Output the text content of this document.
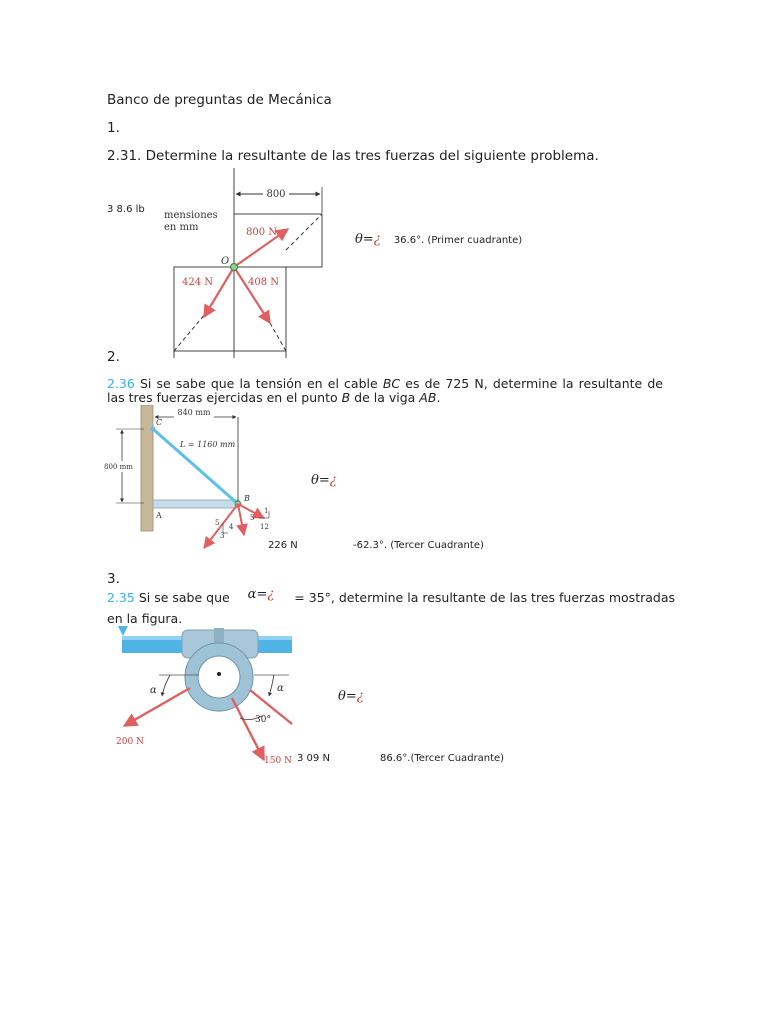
Banco de preguntas de Mecánica
1.
2.31. Determine la resultante de las tres fuerzas del siguiente problema.
3 8.6 lb
800
mensiones
en mm	800 N
O
424 N	408 N
θ=¿ 36.6°. (Primer cuadrante)
2.
2.36 Si se sabe que la tensión en el cable BC es de 725 N, determine la resultante de las tres fuerzas ejercidas en el punto B de la viga AB.
840 mm
800 mm
C
L = 1160 mm
B
A
5 4
3
5
1
12
θ=¿
226 N	-62.3°. (Tercer Cuadrante)
3.
2.35 Si se sabe que α=¿ = 35°, determine la resultante de las tres fuerzas mostradas
en la figura.
α	α
30°
200 N
150 N
θ=¿
3 09 N	86.6°.(Tercer Cuadrante)
